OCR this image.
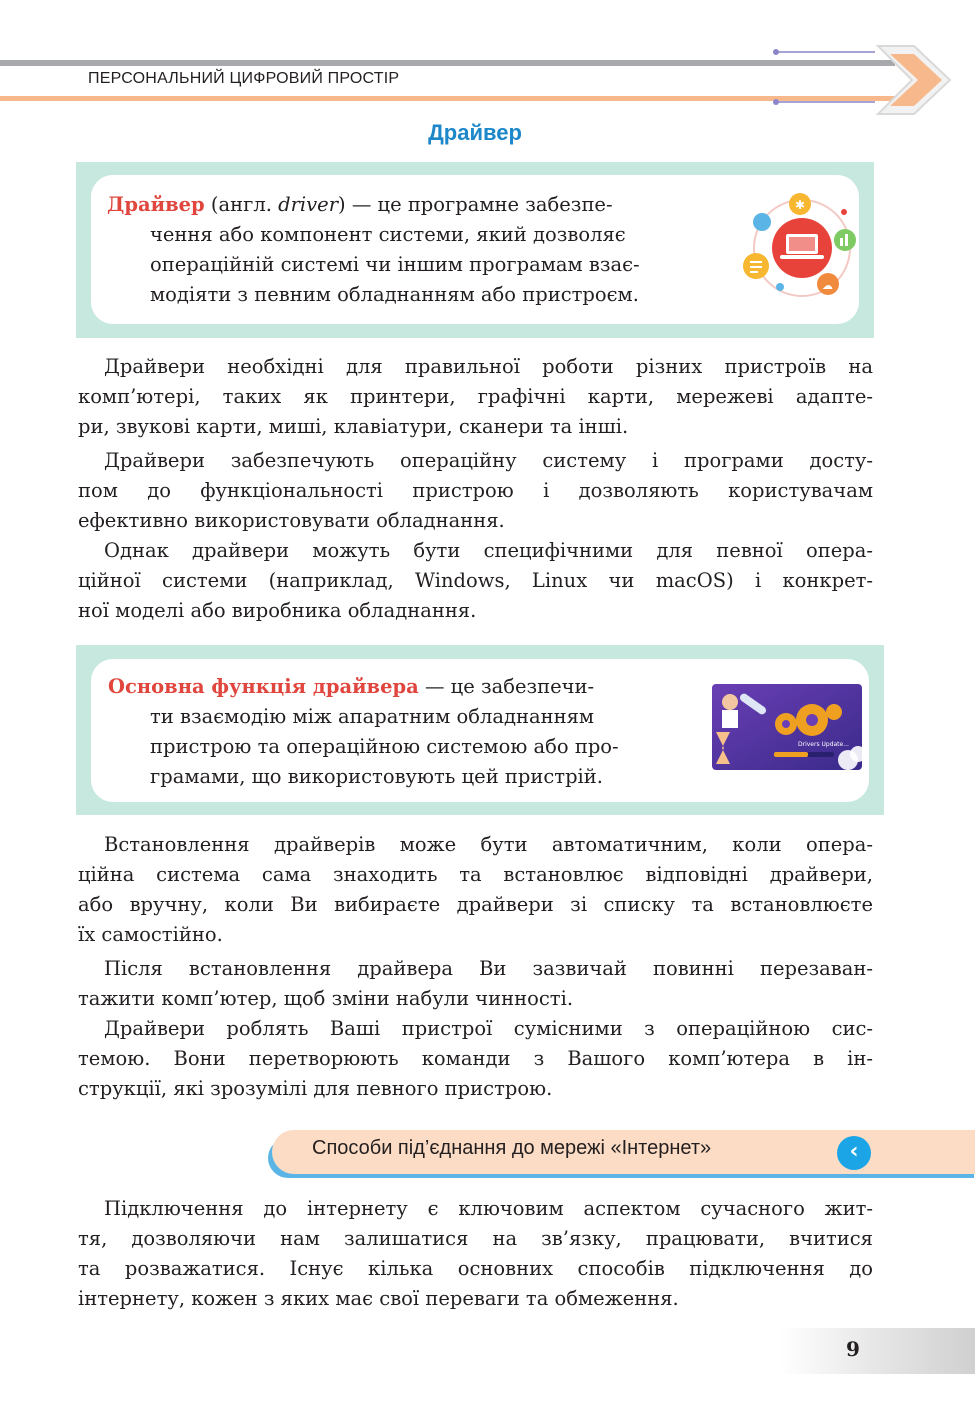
ПЕРСОНАЛЬНИЙ ЦИФРОВИЙ ПРОСТІР
Драйвер
Драйвер (англ. driver) — це програмне забезпе-
чення або компонент системи, який дозволяє
операційній системі чи іншим програмам взає-
модіяти з певним обладнанням або пристроєм.
✱
☁
Драйвери необхідні для правильної роботи різних пристроїв на
комп’ютері, таких як принтери, графічні карти, мережеві адапте-
ри, звукові карти, миші, клавіатури, сканери та інші.
Драйвери забезпечують операційну систему і програми досту-
пом до функціональності пристрою і дозволяють користувачам
ефективно використовувати обладнання.
Однак драйвери можуть бути специфічними для певної опера-
ційної системи (наприклад, Windows, Linux чи macOS) і конкрет-
ної моделі або виробника обладнання.
Основна функція драйвера — це забезпечи-
ти взаємодію між апаратним обладнанням
пристрою та операційною системою або про-
грамами, що використовують цей пристрій.
Drivers Update...
Встановлення драйверів може бути автоматичним, коли опера-
ційна система сама знаходить та встановлює відповідні драйвери,
або вручну, коли Ви вибираєте драйвери зі списку та встановлюєте
їх самостійно.
Після встановлення драйвера Ви зазвичай повинні перезаван-
тажити комп’ютер, щоб зміни набули чинності.
Драйвери роблять Ваші пристрої сумісними з операційною сис-
темою. Вони перетворюють команди з Вашого комп’ютера в ін-
струкції, які зрозумілі для певного пристрою.
Способи під’єднання до мережі «Інтернет»	‹
Підключення до інтернету є ключовим аспектом сучасного жит-
тя, дозволяючи нам залишатися на зв’язку, працювати, вчитися
та розважатися. Існує кілька основних способів підключення до
інтернету, кожен з яких має свої переваги та обмеження.
9
